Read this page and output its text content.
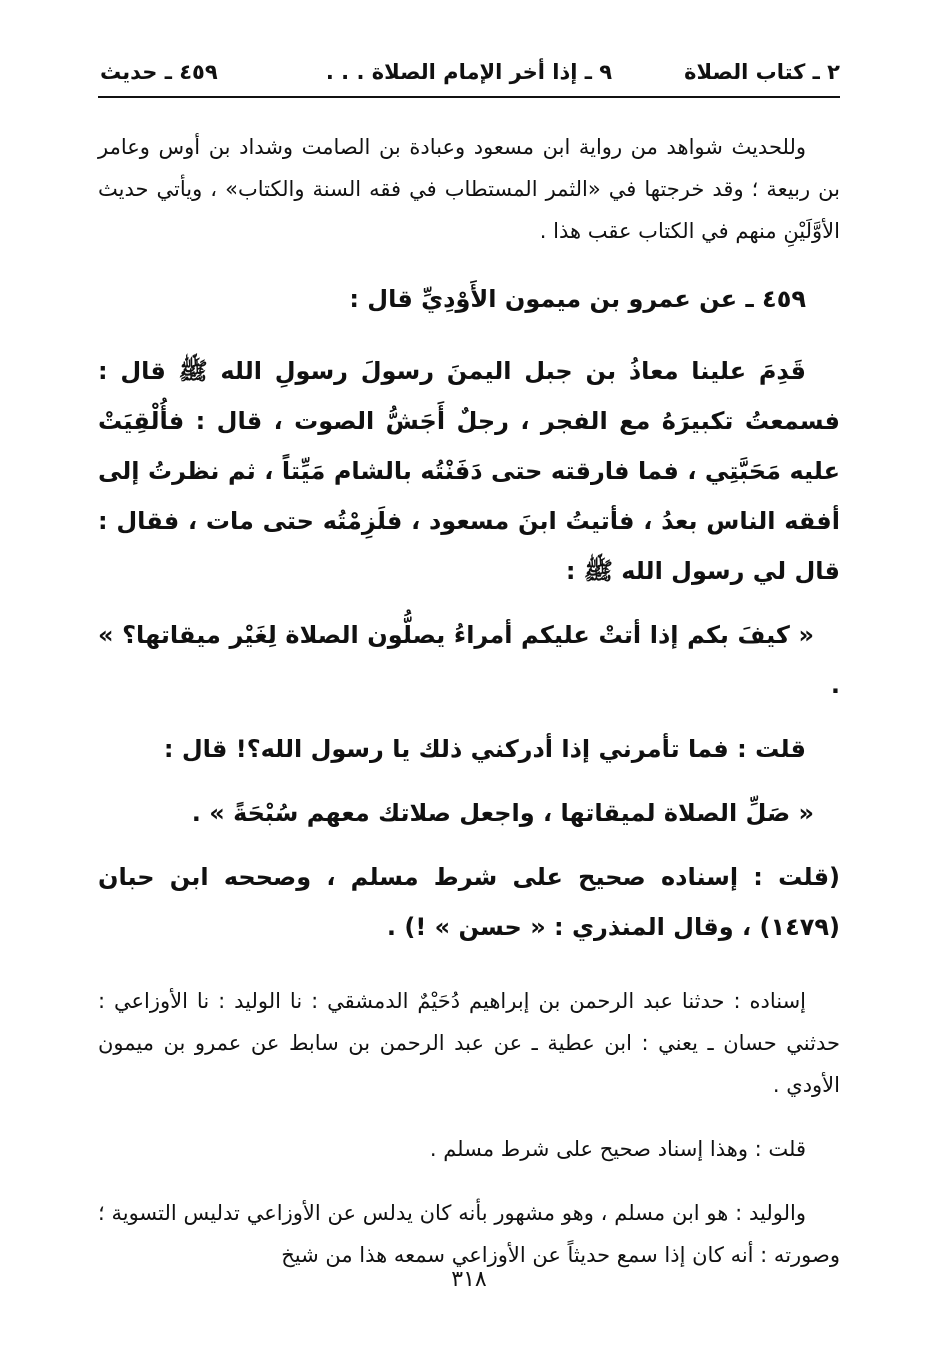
٢ ـ كتاب الصلاة
٩ ـ إذا أخر الإمام الصلاة . . .
٤٥٩ ـ حديث

وللحديث شواهد من رواية ابن مسعود وعبادة بن الصامت وشداد بن أوس وعامر بن ربيعة ؛ وقد خرجتها في «الثمر المستطاب في فقه السنة والكتاب» ، ويأتي حديث الأوَّلَيْنِ منهم في الكتاب عقب هذا .

٤٥٩ ـ عن عمرو بن ميمون الأَوْدِيِّ قال :

قَدِمَ علينا معاذُ بن جبل اليمنَ رسولَ رسولِ الله ﷺ قال : فسمعتُ تكبيرَهُ مع الفجر ، رجلٌ أَجَشُّ الصوت ، قال : فأُلْقِيَتْ عليه مَحَبَّتِي ، فما فارقته حتى دَفَنْتُه بالشام مَيِّتاً ، ثم نظرتُ إلى أفقه الناس بعدُ ، فأتيتُ ابنَ مسعود ، فلَزِمْتُه حتى مات ، فقال : قال لي رسول الله ﷺ :

« كيفَ بكم إذا أتتْ عليكم أمراءُ يصلُّون الصلاة لِغَيْر ميقاتها؟ » .

قلت : فما تأمرني إذا أدركني ذلك يا رسول الله؟! قال :

« صَلِّ الصلاة لميقاتها ، واجعل صلاتك معهم سُبْحَةً » .

(قلت : إسناده صحيح على شرط مسلم ، وصححه ابن حبان (١٤٧٩) ، وقال المنذري : « حسن » !) .

إسناده : حدثنا عبد الرحمن بن إبراهيم دُحَيْمٌ الدمشقي : نا الوليد : نا الأوزاعي : حدثني حسان ـ يعني : ابن عطية ـ عن عبد الرحمن بن سابط عن عمرو بن ميمون الأودي .

قلت : وهذا إسناد صحيح على شرط مسلم .

والوليد : هو ابن مسلم ، وهو مشهور بأنه كان يدلس عن الأوزاعي تدليس التسوية ؛ وصورته : أنه كان إذا سمع حديثاً عن الأوزاعي سمعه هذا من شيخ

٣١٨
